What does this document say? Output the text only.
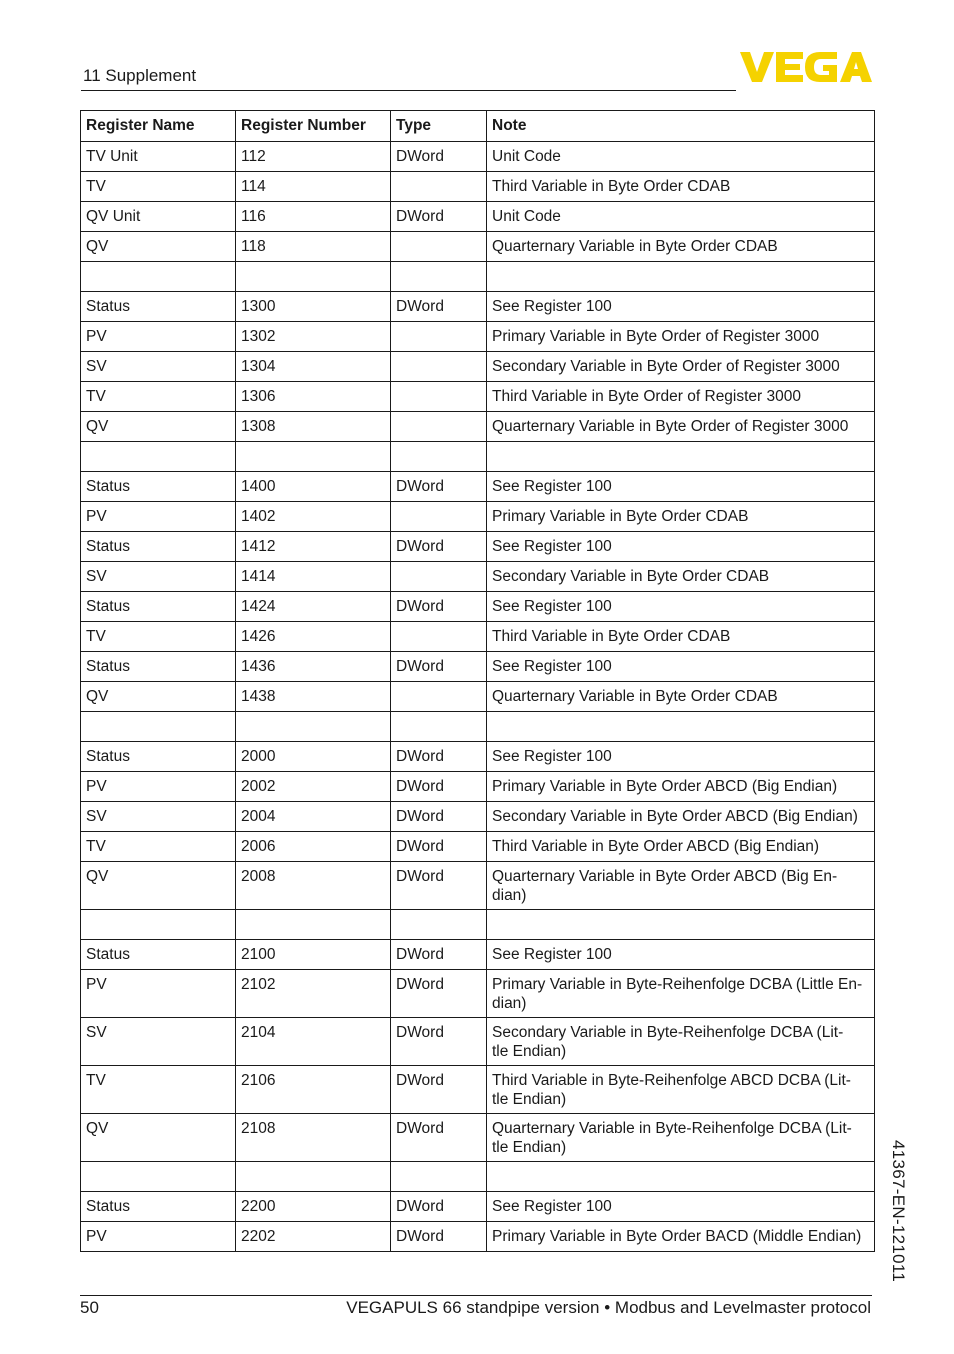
11 Supplement
Register Name	Register Number	Type	Note
TV Unit	112	DWord	Unit Code
TV	114		Third Variable in Byte Order CDAB
QV Unit	116	DWord	Unit Code
QV	118		Quarternary Variable in Byte Order CDAB

Status	1300	DWord	See Register 100
PV	1302		Primary Variable in Byte Order of Register 3000
SV	1304		Secondary Variable in Byte Order of Register 3000
TV	1306		Third Variable in Byte Order of Register 3000
QV	1308		Quarternary Variable in Byte Order of Register 3000

Status	1400	DWord	See Register 100
PV	1402		Primary Variable in Byte Order CDAB
Status	1412	DWord	See Register 100
SV	1414		Secondary Variable in Byte Order CDAB
Status	1424	DWord	See Register 100
TV	1426		Third Variable in Byte Order CDAB
Status	1436	DWord	See Register 100
QV	1438		Quarternary Variable in Byte Order CDAB

Status	2000	DWord	See Register 100
PV	2002	DWord	Primary Variable in Byte Order ABCD (Big Endian)
SV	2004	DWord	Secondary Variable in Byte Order ABCD (Big Endian)
TV	2006	DWord	Third Variable in Byte Order ABCD (Big Endian)
QV	2008	DWord	Quarternary Variable in Byte Order ABCD (Big En-
dian)

Status	2100	DWord	See Register 100
PV	2102	DWord	Primary Variable in Byte-Reihenfolge DCBA (Little En-
dian)
SV	2104	DWord	Secondary Variable in Byte-Reihenfolge DCBA (Lit-
tle Endian)
TV	2106	DWord	Third Variable in Byte-Reihenfolge ABCD DCBA (Lit-
tle Endian)
QV	2108	DWord	Quarternary Variable in Byte-Reihenfolge DCBA (Lit-
tle Endian)

Status	2200	DWord	See Register 100
PV	2202	DWord	Primary Variable in Byte Order BACD (Middle Endian) 41367-EN-121011
50	VEGAPULS 66 standpipe version • Modbus and Levelmaster protocol
